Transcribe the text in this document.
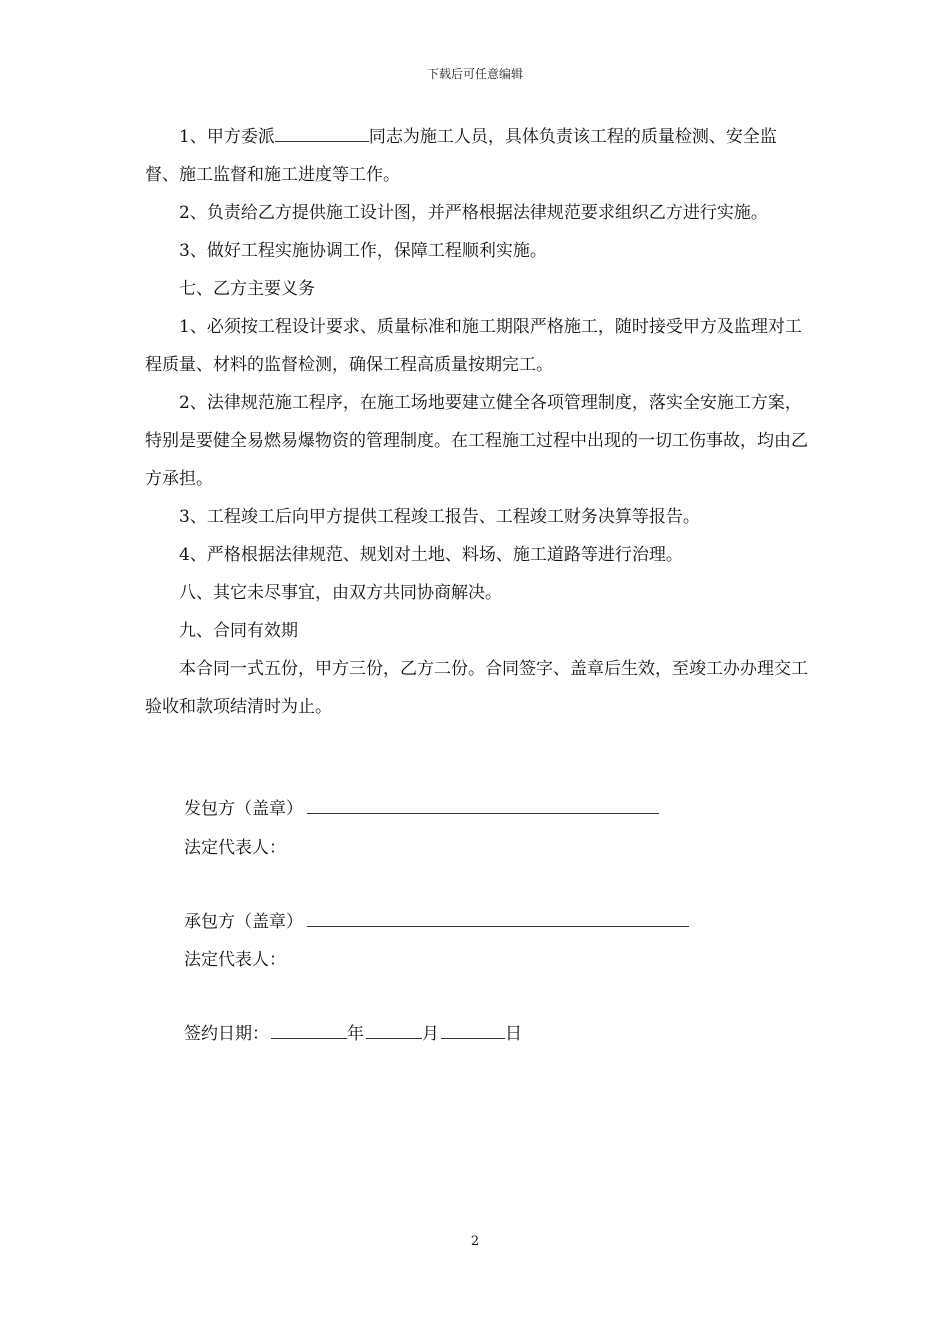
下载后可任意编辑

1、甲方委派	同志为施工人员，具体负责该工程的质量检测、安全监督、施工监督和施工进度等工作。

2、负责给乙方提供施工设计图，并严格根据法律规范要求组织乙方进行实施。

3、做好工程实施协调工作，保障工程顺利实施。

七、乙方主要义务

1、必须按工程设计要求、质量标准和施工期限严格施工，随时接受甲方及监理对工程质量、材料的监督检测，确保工程高质量按期完工。

2、法律规范施工程序，在施工场地要建立健全各项管理制度，落实全安施工方案，特别是要健全易燃易爆物资的管理制度。在工程施工过程中出现的一切工伤事故，均由乙方承担。

3、工程竣工后向甲方提供工程竣工报告、工程竣工财务决算等报告。

4、严格根据法律规范、规划对土地、料场、施工道路等进行治理。

八、其它未尽事宜，由双方共同协商解决。

九、合同有效期

本合同一式五份，甲方三份，乙方二份。合同签字、盖章后生效，至竣工办办理交工验收和款项结清时为止。

发包方（盖章）
法定代表人：
承包方（盖章）
法定代表人：
签约日期：	年	月	日
2
